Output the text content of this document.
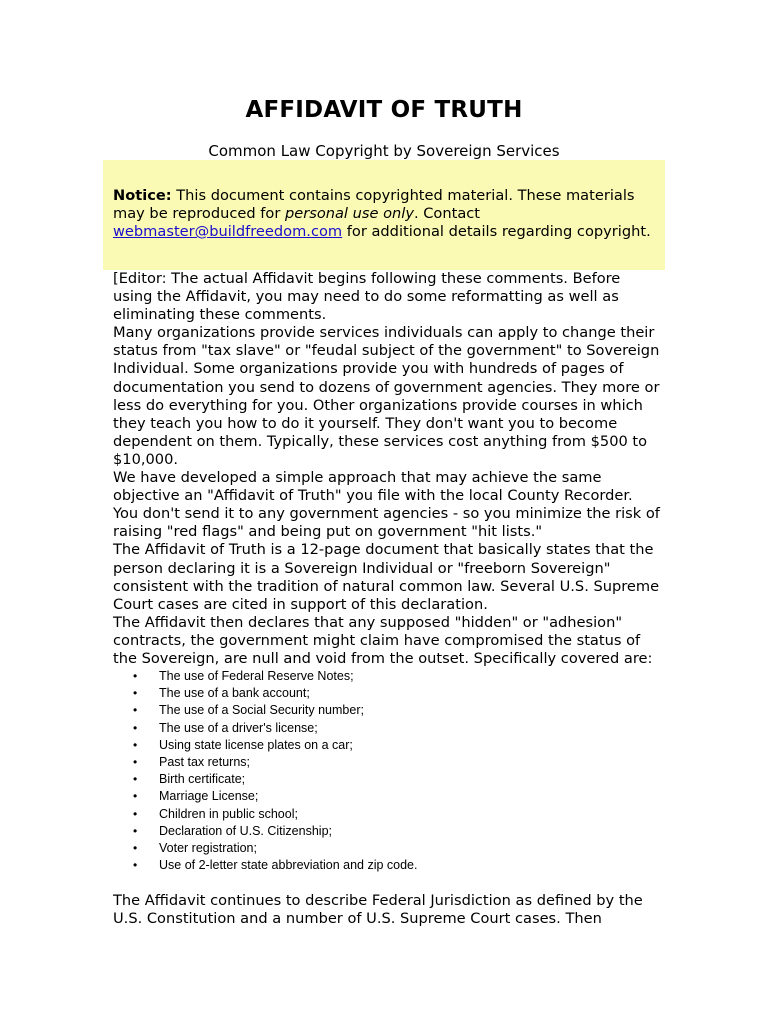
AFFIDAVIT OF TRUTH
Common Law Copyright by Sovereign Services
Notice: This document contains copyrighted material. These materials may be reproduced for personal use only. Contact webmaster@buildfreedom.com for additional details regarding copyright.

[Editor: The actual Affidavit begins following these comments. Before using the Affidavit, you may need to do some reformatting as well as eliminating these comments.

Many organizations provide services individuals can apply to change their status from "tax slave" or "feudal subject of the government" to Sovereign Individual. Some organizations provide you with hundreds of pages of documentation you send to dozens of government agencies. They more or less do everything for you. Other organizations provide courses in which they teach you how to do it yourself. They don't want you to become dependent on them. Typically, these services cost anything from $500 to $10,000.

We have developed a simple approach that may achieve the same objective an "Affidavit of Truth" you file with the local County Recorder. You don't send it to any government agencies - so you minimize the risk of raising "red flags" and being put on government "hit lists."

The Affidavit of Truth is a 12-page document that basically states that the person declaring it is a Sovereign Individual or "freeborn Sovereign" consistent with the tradition of natural common law. Several U.S. Supreme Court cases are cited in support of this declaration.

The Affidavit then declares that any supposed "hidden" or "adhesion" contracts, the government might claim have compromised the status of the Sovereign, are null and void from the outset. Specifically covered are:

• The use of Federal Reserve Notes;
• The use of a bank account;
• The use of a Social Security number;
• The use of a driver's license;
• Using state license plates on a car;
• Past tax returns;
• Birth certificate;
• Marriage License;
• Children in public school;
• Declaration of U.S. Citizenship;
• Voter registration;
• Use of 2-letter state abbreviation and zip code.

The Affidavit continues to describe Federal Jurisdiction as defined by the U.S. Constitution and a number of U.S. Supreme Court cases. Then
